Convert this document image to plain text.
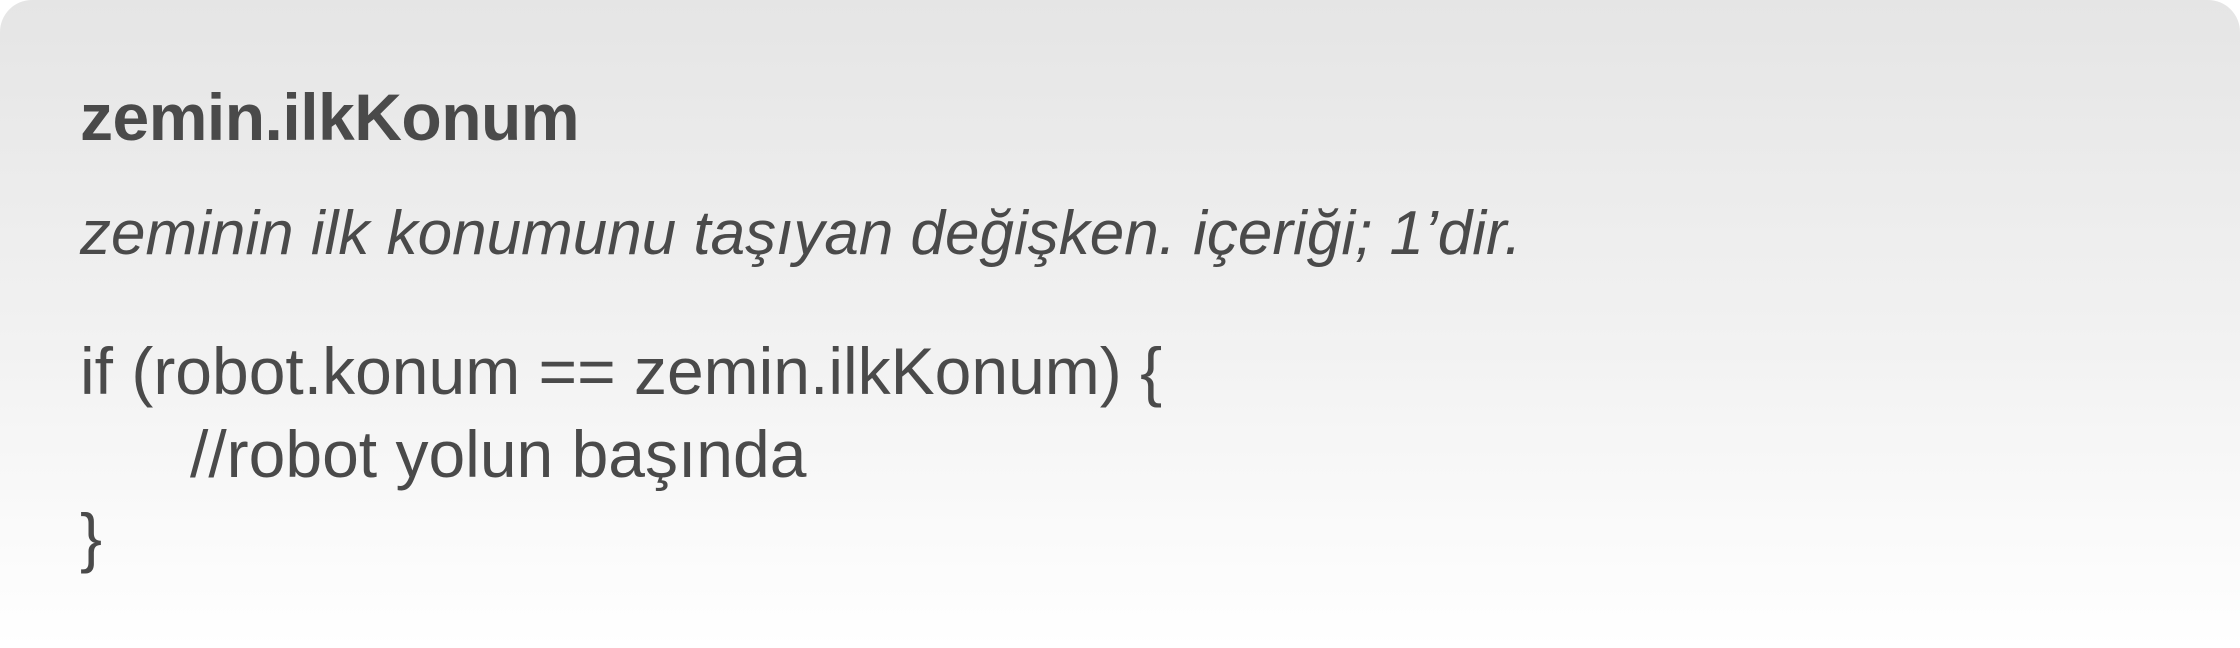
zemin.ilkKonum

zeminin ilk konumunu taşıyan değişken. içeriği; 1’dir.

if (robot.konum == zemin.ilkKonum) {
//robot yolun başında
}
